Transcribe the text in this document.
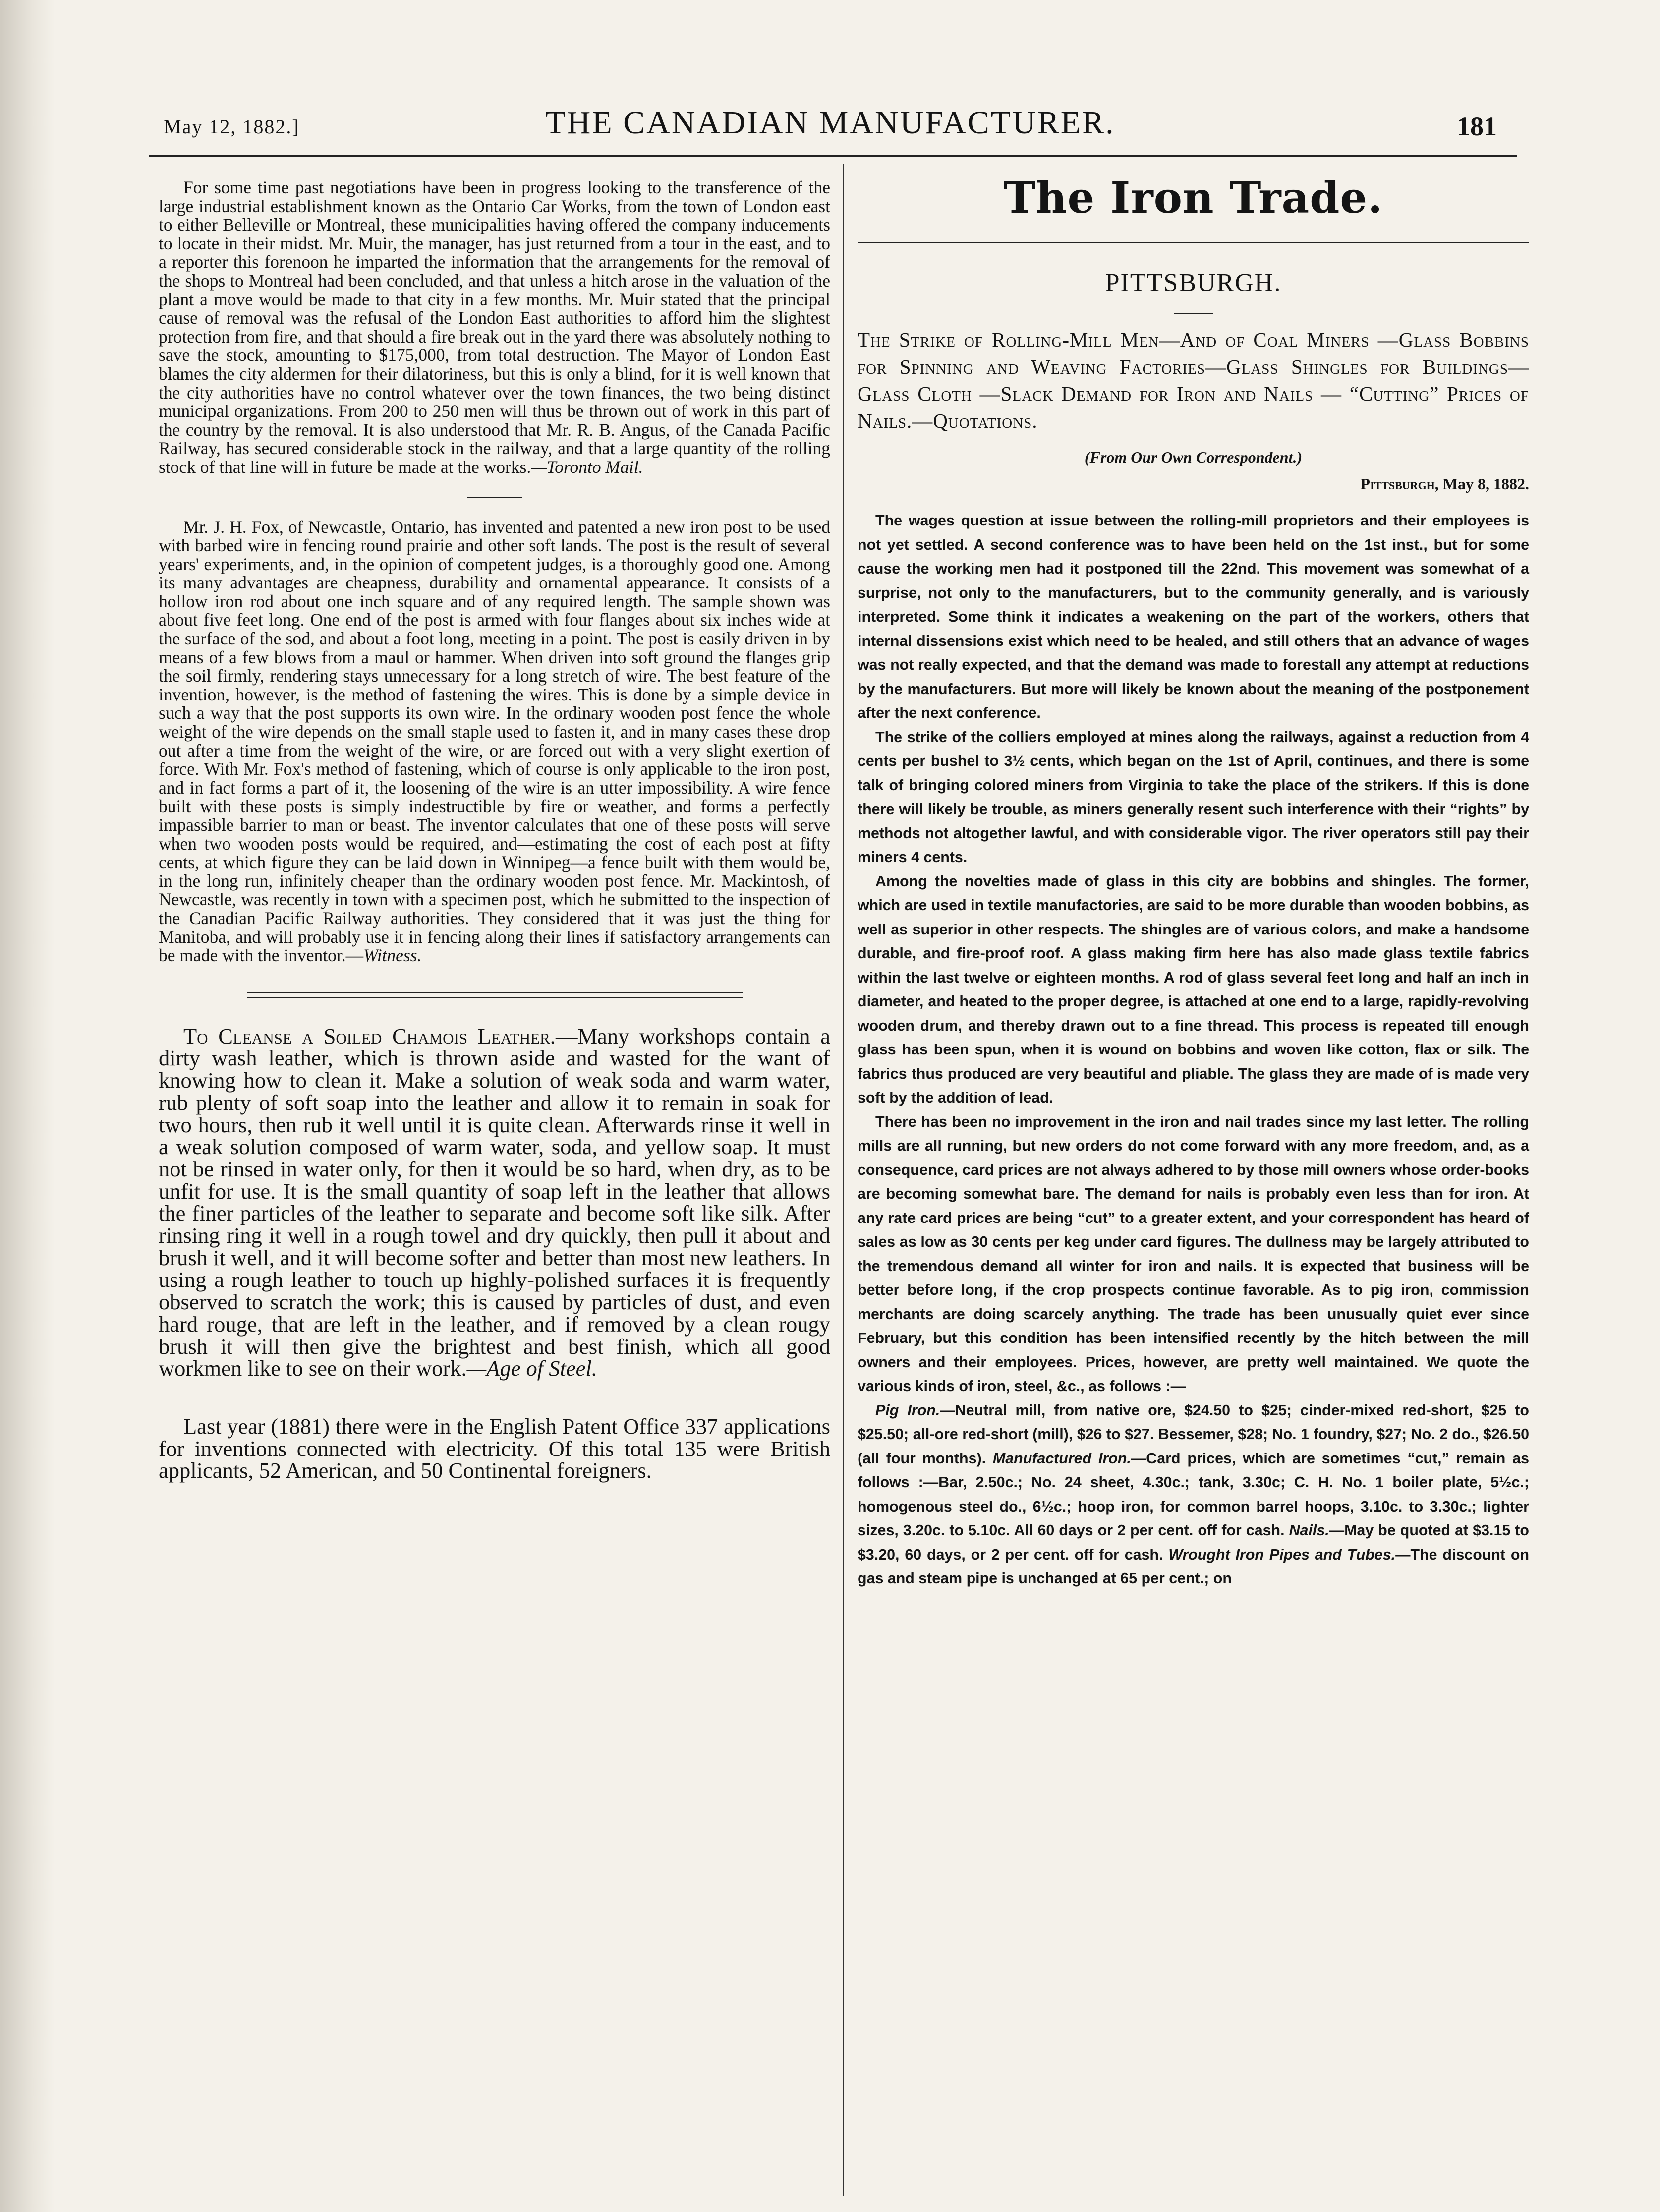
May 12, 1882.]	THE CANADIAN MANUFACTURER.	181

For some time past negotiations have been in progress looking to the transference of the large industrial establishment known as the Ontario Car Works, from the town of London east to either Belleville or Montreal, these municipalities having offered the company inducements to locate in their midst. Mr. Muir, the manager, has just returned from a tour in the east, and to a reporter this forenoon he imparted the information that the arrangements for the removal of the shops to Montreal had been concluded, and that unless a hitch arose in the valuation of the plant a move would be made to that city in a few months. Mr. Muir stated that the principal cause of removal was the refusal of the London East authorities to afford him the slightest protection from fire, and that should a fire break out in the yard there was absolutely nothing to save the stock, amounting to $175,000, from total destruction. The Mayor of London East blames the city aldermen for their dilatoriness, but this is only a blind, for it is well known that the city authorities have no control whatever over the town finances, the two being distinct municipal organizations. From 200 to 250 men will thus be thrown out of work in this part of the country by the removal. It is also understood that Mr. R. B. Angus, of the Canada Pacific Railway, has secured considerable stock in the railway, and that a large quantity of the rolling stock of that line will in future be made at the works.—Toronto Mail.

Mr. J. H. Fox, of Newcastle, Ontario, has invented and patented a new iron post to be used with barbed wire in fencing round prairie and other soft lands. The post is the result of several years' experiments, and, in the opinion of competent judges, is a thoroughly good one. Among its many advantages are cheapness, durability and ornamental appearance. It consists of a hollow iron rod about one inch square and of any required length. The sample shown was about five feet long. One end of the post is armed with four flanges about six inches wide at the surface of the sod, and about a foot long, meeting in a point. The post is easily driven in by means of a few blows from a maul or hammer. When driven into soft ground the flanges grip the soil firmly, rendering stays unnecessary for a long stretch of wire. The best feature of the invention, however, is the method of fastening the wires. This is done by a simple device in such a way that the post supports its own wire. In the ordinary wooden post fence the whole weight of the wire depends on the small staple used to fasten it, and in many cases these drop out after a time from the weight of the wire, or are forced out with a very slight exertion of force. With Mr. Fox's method of fastening, which of course is only applicable to the iron post, and in fact forms a part of it, the loosening of the wire is an utter impossibility. A wire fence built with these posts is simply indestructible by fire or weather, and forms a perfectly impassible barrier to man or beast. The inventor calculates that one of these posts will serve when two wooden posts would be required, and—estimating the cost of each post at fifty cents, at which figure they can be laid down in Winnipeg—a fence built with them would be, in the long run, infinitely cheaper than the ordinary wooden post fence. Mr. Mackintosh, of Newcastle, was recently in town with a specimen post, which he submitted to the inspection of the Canadian Pacific Railway authorities. They considered that it was just the thing for Manitoba, and will probably use it in fencing along their lines if satisfactory arrangements can be made with the inventor.—Witness.

To Cleanse a Soiled Chamois Leather.—Many workshops contain a dirty wash leather, which is thrown aside and wasted for the want of knowing how to clean it. Make a solution of weak soda and warm water, rub plenty of soft soap into the leather and allow it to remain in soak for two hours, then rub it well until it is quite clean. Afterwards rinse it well in a weak solution composed of warm water, soda, and yellow soap. It must not be rinsed in water only, for then it would be so hard, when dry, as to be unfit for use. It is the small quantity of soap left in the leather that allows the finer particles of the leather to separate and become soft like silk. After rinsing ring it well in a rough towel and dry quickly, then pull it about and brush it well, and it will become softer and better than most new leathers. In using a rough leather to touch up highly-polished surfaces it is frequently observed to scratch the work; this is caused by particles of dust, and even hard rouge, that are left in the leather, and if removed by a clean rougy brush it will then give the brightest and best finish, which all good workmen like to see on their work.—Age of Steel.

Last year (1881) there were in the English Patent Office 337 applications for inventions connected with electricity. Of this total 135 were British applicants, 52 American, and 50 Continental foreigners.

The Iron Trade.
PITTSBURGH.

The Strike of Rolling-Mill Men—And of Coal Miners —Glass Bobbins for Spinning and Weaving Factories—Glass Shingles for Buildings—Glass Cloth —Slack Demand for Iron and Nails — “Cutting” Prices of Nails.—Quotations.

(From Our Own Correspondent.)
Pittsburgh, May 8, 1882.

The wages question at issue between the rolling-mill proprietors and their employees is not yet settled. A second conference was to have been held on the 1st inst., but for some cause the working men had it postponed till the 22nd. This movement was somewhat of a surprise, not only to the manufacturers, but to the community generally, and is variously interpreted. Some think it indicates a weakening on the part of the workers, others that internal dissensions exist which need to be healed, and still others that an advance of wages was not really expected, and that the demand was made to forestall any attempt at reductions by the manufacturers. But more will likely be known about the meaning of the postponement after the next conference.

The strike of the colliers employed at mines along the railways, against a reduction from 4 cents per bushel to 3½ cents, which began on the 1st of April, continues, and there is some talk of bringing colored miners from Virginia to take the place of the strikers. If this is done there will likely be trouble, as miners generally resent such interference with their “rights” by methods not altogether lawful, and with considerable vigor. The river operators still pay their miners 4 cents.

Among the novelties made of glass in this city are bobbins and shingles. The former, which are used in textile manufactories, are said to be more durable than wooden bobbins, as well as superior in other respects. The shingles are of various colors, and make a handsome durable, and fire-proof roof. A glass making firm here has also made glass textile fabrics within the last twelve or eighteen months. A rod of glass several feet long and half an inch in diameter, and heated to the proper degree, is attached at one end to a large, rapidly-revolving wooden drum, and thereby drawn out to a fine thread. This process is repeated till enough glass has been spun, when it is wound on bobbins and woven like cotton, flax or silk. The fabrics thus produced are very beautiful and pliable. The glass they are made of is made very soft by the addition of lead.

There has been no improvement in the iron and nail trades since my last letter. The rolling mills are all running, but new orders do not come forward with any more freedom, and, as a consequence, card prices are not always adhered to by those mill owners whose order-books are becoming somewhat bare. The demand for nails is probably even less than for iron. At any rate card prices are being “cut” to a greater extent, and your correspondent has heard of sales as low as 30 cents per keg under card figures. The dullness may be largely attributed to the tremendous demand all winter for iron and nails. It is expected that business will be better before long, if the crop prospects continue favorable. As to pig iron, commission merchants are doing scarcely anything. The trade has been unusually quiet ever since February, but this condition has been intensified recently by the hitch between the mill owners and their employees. Prices, however, are pretty well maintained. We quote the various kinds of iron, steel, &c., as follows :—

Pig Iron.—Neutral mill, from native ore, $24.50 to $25; cinder-mixed red-short, $25 to $25.50; all-ore red-short (mill), $26 to $27. Bessemer, $28; No. 1 foundry, $27; No. 2 do., $26.50 (all four months). Manufactured Iron.—Card prices, which are sometimes “cut,” remain as follows :—Bar, 2.50c.; No. 24 sheet, 4.30c.; tank, 3.30c; C. H. No. 1 boiler plate, 5½c.; homogenous steel do., 6½c.; hoop iron, for common barrel hoops, 3.10c. to 3.30c.; lighter sizes, 3.20c. to 5.10c. All 60 days or 2 per cent. off for cash. Nails.—May be quoted at $3.15 to $3.20, 60 days, or 2 per cent. off for cash. Wrought Iron Pipes and Tubes.—The discount on gas and steam pipe is unchanged at 65 per cent.; on
